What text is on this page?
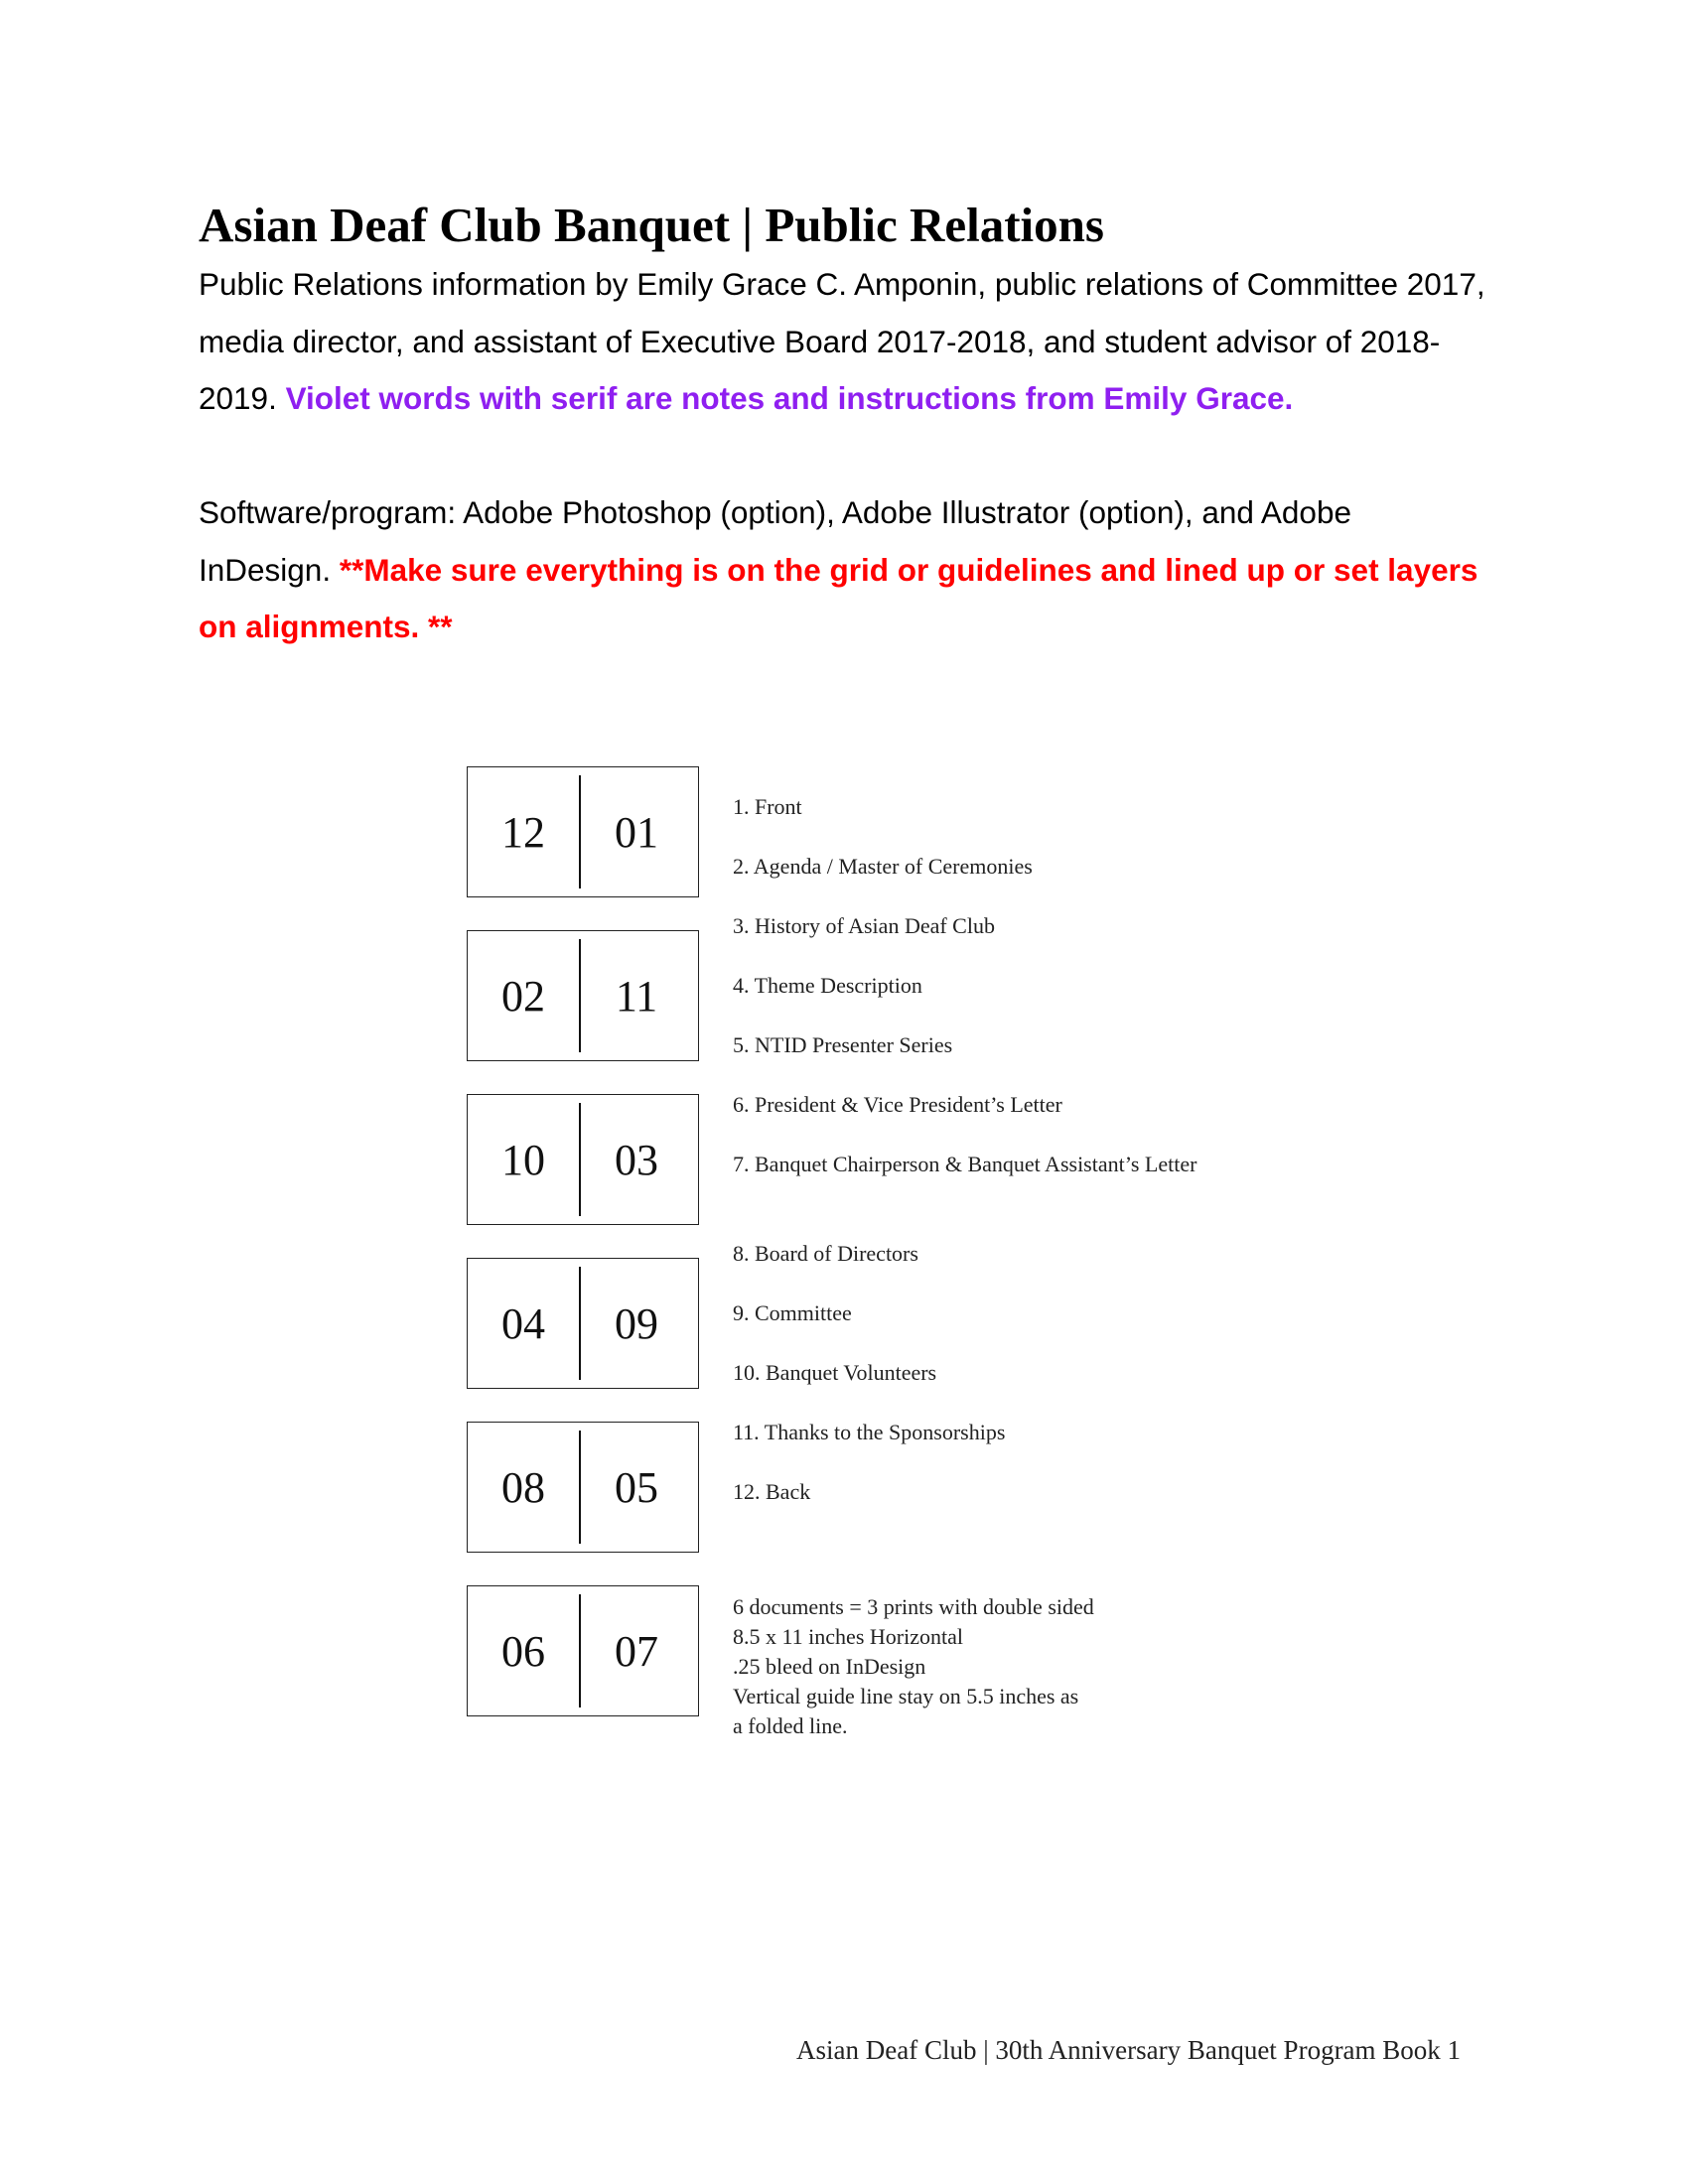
Asian Deaf Club Banquet | Public Relations

Public Relations information by Emily Grace C. Amponin, public relations of Committee 2017, media director, and assistant of Executive Board 2017-2018, and student advisor of 2018-2019. Violet words with serif are notes and instructions from Emily Grace.

Software/program: Adobe Photoshop (option), Adobe Illustrator (option), and Adobe InDesign. **Make sure everything is on the grid or guidelines and lined up or set layers on alignments. **

12	01
02	11
10	03
04	09
08	05
06	07
1. Front
2. Agenda / Master of Ceremonies
3. History of Asian Deaf Club
4. Theme Description
5. NTID Presenter Series
6. President & Vice President’s Letter
7. Banquet Chairperson & Banquet Assistant’s Letter
8. Board of Directors
9. Committee
10. Banquet Volunteers
11. Thanks to the Sponsorships
12. Back
6 documents = 3 prints with double sided
8.5 x 11 inches Horizontal
.25 bleed on InDesign
Vertical guide line stay on 5.5 inches as
a folded line.
Asian Deaf Club | 30th Anniversary Banquet Program Book 1
